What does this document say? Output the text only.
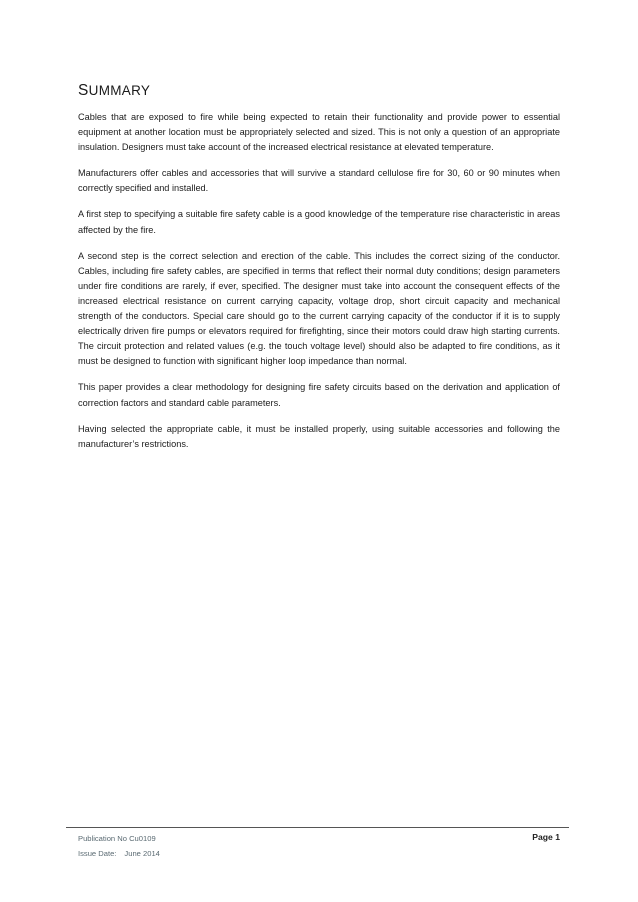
SUMMARY

Cables that are exposed to fire while being expected to retain their functionality and provide power to essential equipment at another location must be appropriately selected and sized. This is not only a question of an appropriate insulation. Designers must take account of the increased electrical resistance at elevated temperature.

Manufacturers offer cables and accessories that will survive a standard cellulose fire for 30, 60 or 90 minutes when correctly specified and installed.

A first step to specifying a suitable fire safety cable is a good knowledge of the temperature rise characteristic in areas affected by the fire.

A second step is the correct selection and erection of the cable. This includes the correct sizing of the conductor. Cables, including fire safety cables, are specified in terms that reflect their normal duty conditions; design parameters under fire conditions are rarely, if ever, specified. The designer must take into account the consequent effects of the increased electrical resistance on current carrying capacity, voltage drop, short circuit capacity and mechanical strength of the conductors. Special care should go to the current carrying capacity of the conductor if it is to supply electrically driven fire pumps or elevators required for firefighting, since their motors could draw high starting currents. The circuit protection and related values (e.g. the touch voltage level) should also be adapted to fire conditions, as it must be designed to function with significant higher loop impedance than normal.

This paper provides a clear methodology for designing fire safety circuits based on the derivation and application of correction factors and standard cable parameters.

Having selected the appropriate cable, it must be installed properly, using suitable accessories and following the manufacturer’s restrictions.

Publication No Cu0109
Issue Date: June 2014
Page 1
